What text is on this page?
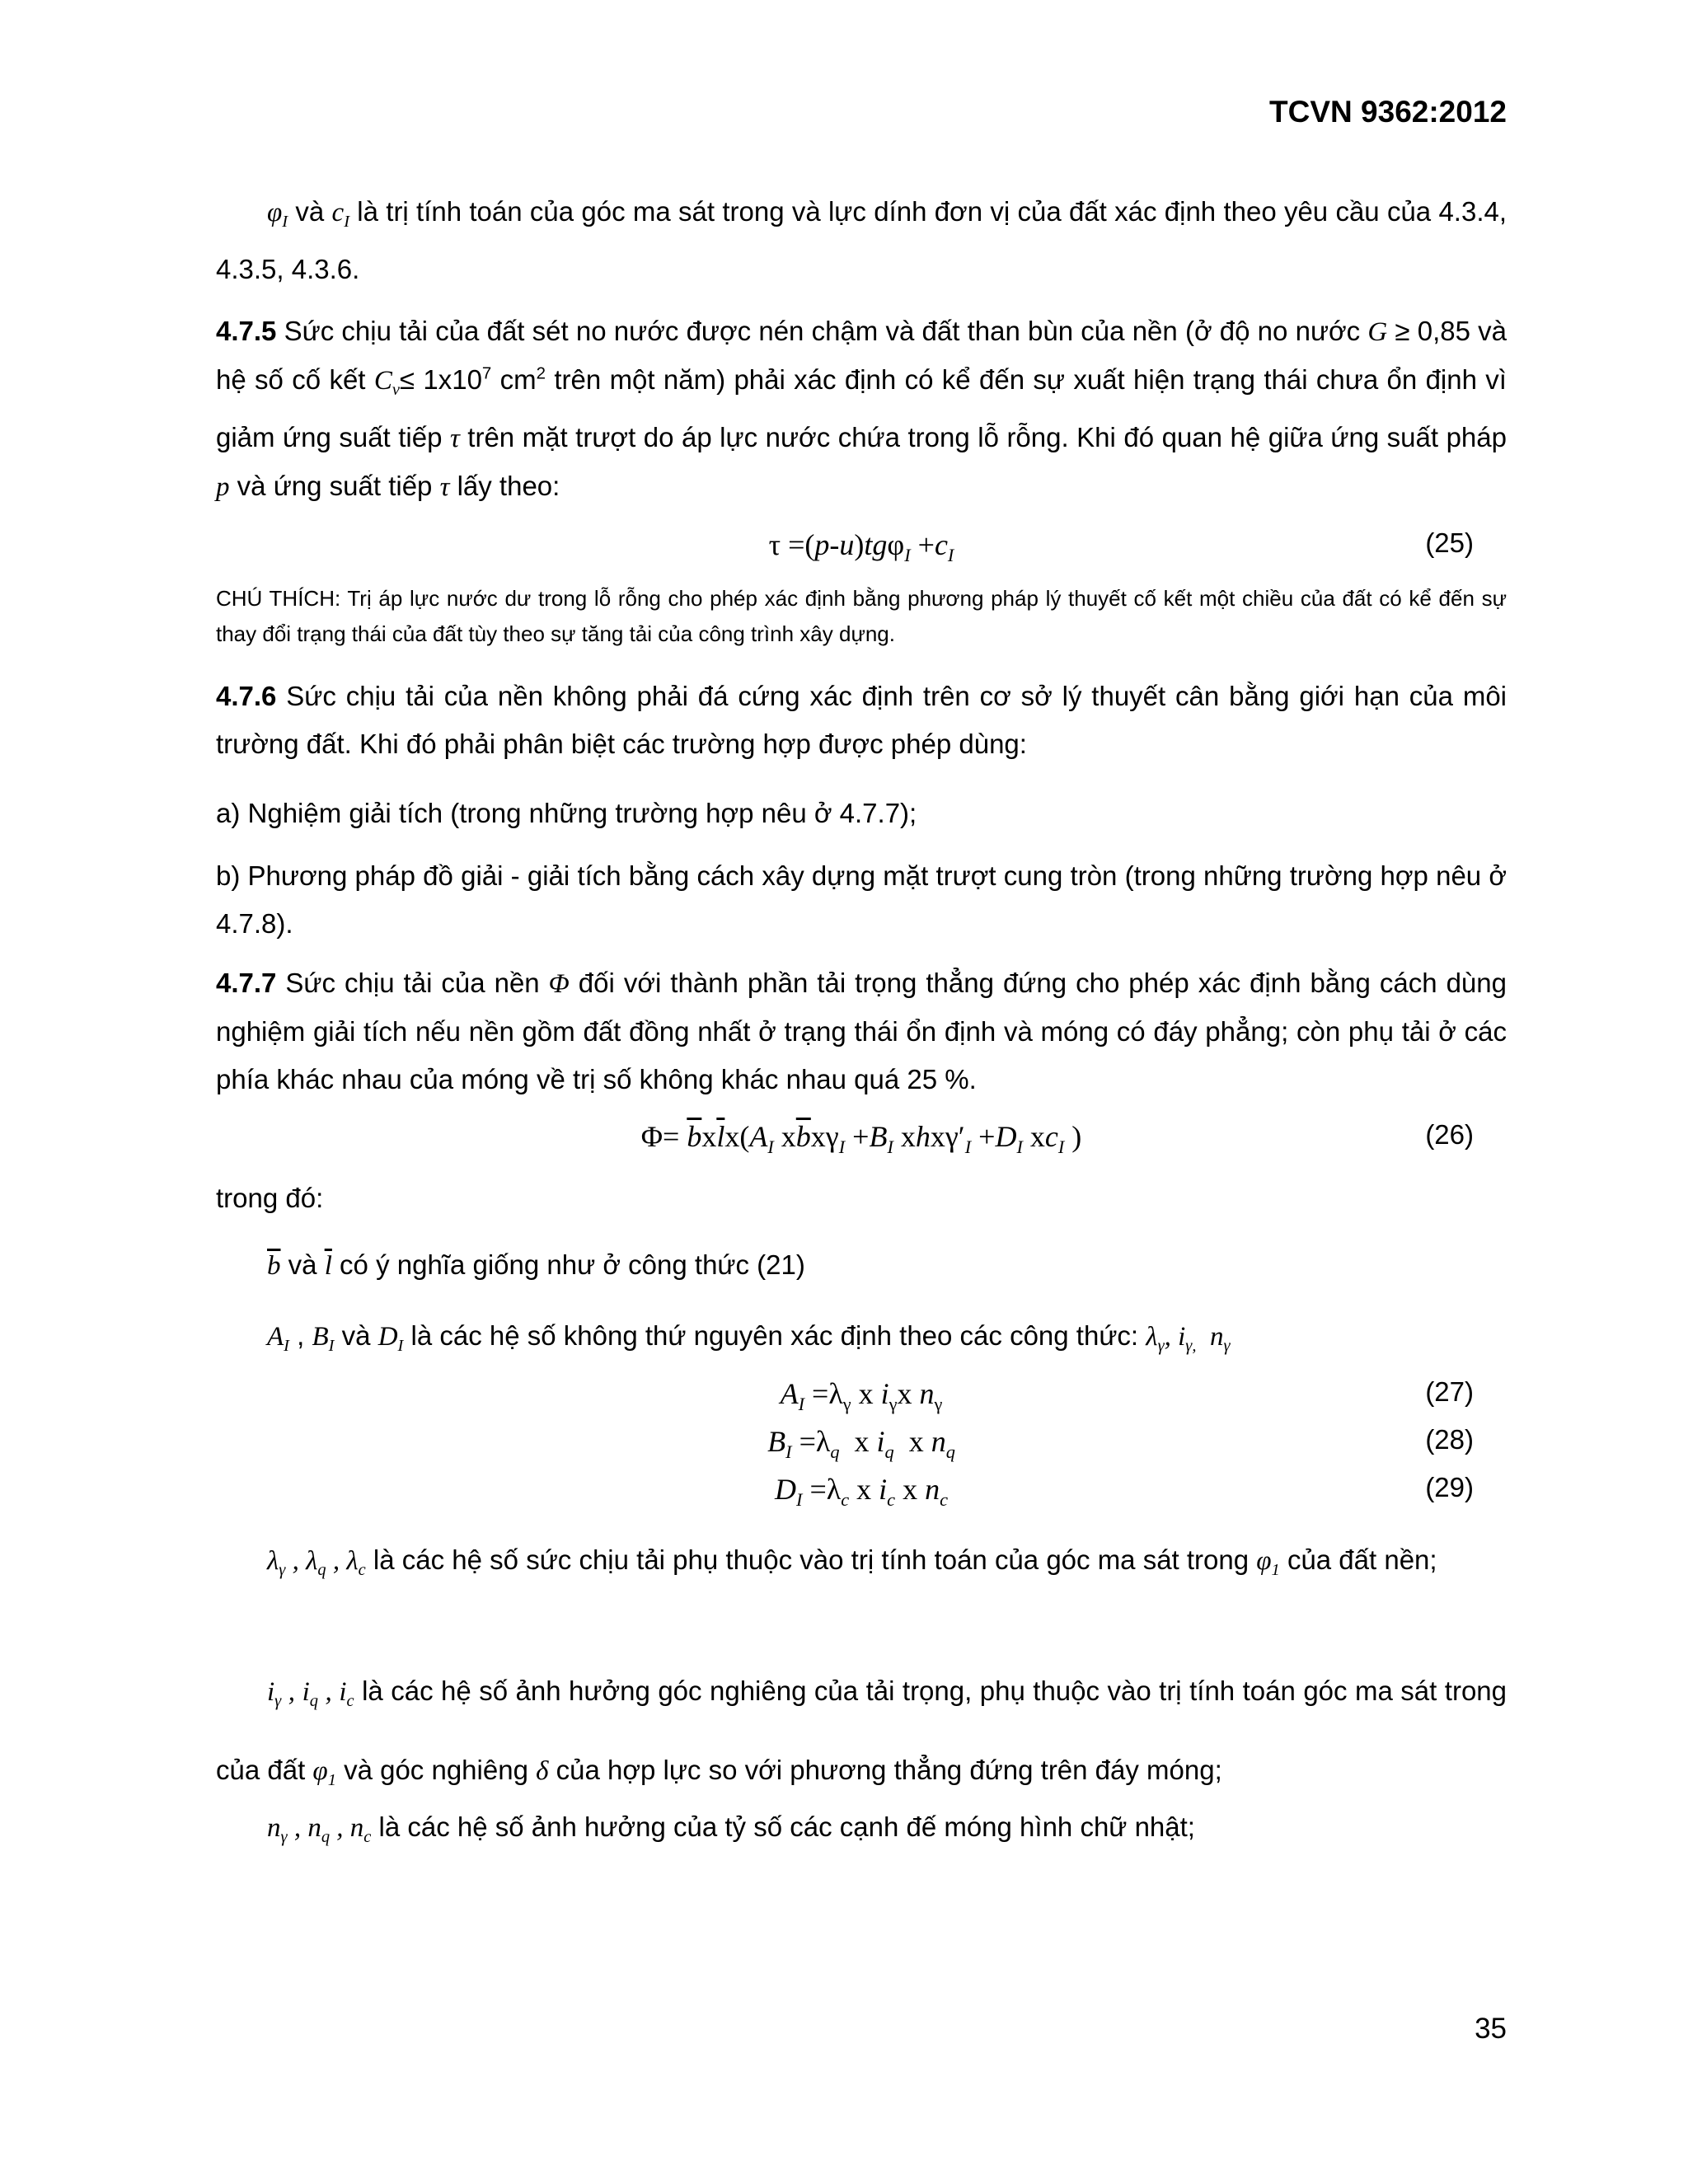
TCVN 9362:2012
$\varphi_I$ và $c_I$ là trị tính toán của góc ma sát trong và lực dính đơn vị của đất xác định theo yêu cầu của 4.3.4, 4.3.5, 4.3.6.
4.7.5 Sức chịu tải của đất sét no nước được nén chậm và đất than bùn của nền (ở độ no nước G ≥ 0,85 và hệ số cố kết $C_v\le 1x10^7$ $cm^2$ trên một năm) phải xác định có kể đến sự xuất hiện trạng thái chưa ổn định vì giảm ứng suất tiếp τ trên mặt trượt do áp lực nước chứa trong lỗ rỗng. Khi đó quan hệ giữa ứng suất pháp p và ứng suất tiếp τ lấy theo:
$\tau =(p-u)tg\varphi_I +c_I$	(25)
CHÚ THÍCH: Trị áp lực nước dư trong lỗ rỗng cho phép xác định bằng phương pháp lý thuyết cố kết một chiều của đất có kể đến sự thay đổi trạng thái của đất tùy theo sự tăng tải của công trình xây dựng.
4.7.6 Sức chịu tải của nền không phải đá cứng xác định trên cơ sở lý thuyết cân bằng giới hạn của môi trường đất. Khi đó phải phân biệt các trường hợp được phép dùng:
a) Nghiệm giải tích (trong những trường hợp nêu ở 4.7.7);
b) Phương pháp đồ giải - giải tích bằng cách xây dựng mặt trượt cung tròn (trong những trường hợp nêu ở 4.7.8).
4.7.7 Sức chịu tải của nền Φ đối với thành phần tải trọng thẳng đứng cho phép xác định bằng cách dùng nghiệm giải tích nếu nền gồm đất đồng nhất ở trạng thái ổn định và móng có đáy phẳng; còn phụ tải ở các phía khác nhau của móng về trị số không khác nhau quá 25 %.
$\Phi= \overline{b}x\overline{l}x(A_I$ $x\overline{b}x\gamma_I +B_I$ $xhx\gamma'_I +D_I$ $xc_I$ )	(26)
trong đó:
$\overline{b}$ và $\overline{l}$ có ý nghĩa giống như ở công thức (21)
$A_I$ , $B_I$ và $D_I$ là các hệ số không thứ nguyên xác định theo các công thức: $\lambda_\gamma$, $i_{\gamma,}$  $n_\gamma$
$A_I =\lambda_\gamma$ x $i_\gamma x$ $n_\gamma$	(27)
$B_I =\lambda_q$  x $i_q$  x $n_q$	(28)
$D_I =\lambda_c$ x $i_c$ x $n_c$	(29)
$\lambda_\gamma$ , $\lambda_q$ , $\lambda_c$ là các hệ số sức chịu tải phụ thuộc vào trị tính toán của góc ma sát trong $\varphi_1$ của đất nền;
$i_\gamma$ , $i_q$ , $i_c$ là các hệ số ảnh hưởng góc nghiêng của tải trọng, phụ thuộc vào trị tính toán góc ma sát trong của đất $\varphi_1$ và góc nghiêng δ của hợp lực so với phương thẳng đứng trên đáy móng;
$n_\gamma$ , $n_q$ , $n_c$ là các hệ số ảnh hưởng của tỷ số các cạnh đế móng hình chữ nhật;
35
